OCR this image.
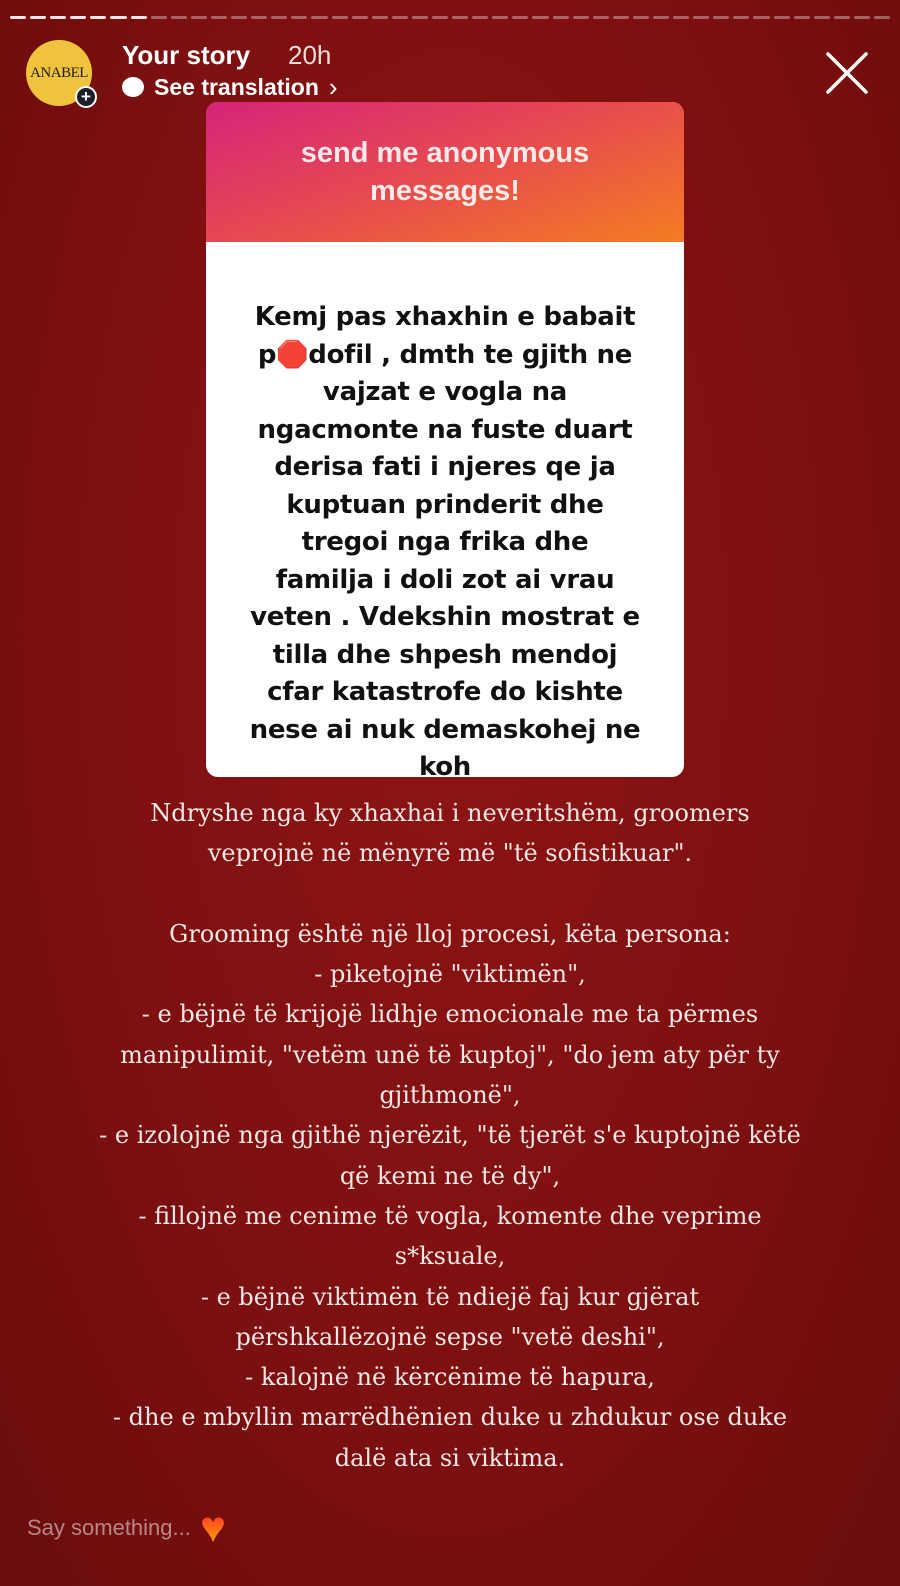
ANABEL
+
Your story 20h
See translation ›
send me anonymous
messages!
Kemj pas xhaxhin e babait
p🛑dofil , dmth te gjith ne
vajzat e vogla na
ngacmonte na fuste duart
derisa fati i njeres qe ja
kuptuan prinderit dhe
tregoi nga frika dhe
familja i doli zot ai vrau
veten . Vdekshin mostrat e
tilla dhe shpesh mendoj
cfar katastrofe do kishte
nese ai nuk demaskohej ne
koh
Ndryshe nga ky xhaxhai i neveritshëm, groomers
veprojnë në mënyrë më "të sofistikuar".
Grooming është një lloj procesi, këta persona:
- piketojnë "viktimën",
- e bëjnë të krijojë lidhje emocionale me ta përmes
manipulimit, "vetëm unë të kuptoj", "do jem aty për ty
gjithmonë",
- e izolojnë nga gjithë njerëzit, "të tjerët s'e kuptojnë këtë
që kemi ne të dy",
- fillojnë me cenime të vogla, komente dhe veprime
s*ksuale,
- e bëjnë viktimën të ndiejë faj kur gjërat
përshkallëzojnë sepse "vetë deshi",
- kalojnë në kërcënime të hapura,
- dhe e mbyllin marrëdhënien duke u zhdukur ose duke
dalë ata si viktima.
Say something... ♥
